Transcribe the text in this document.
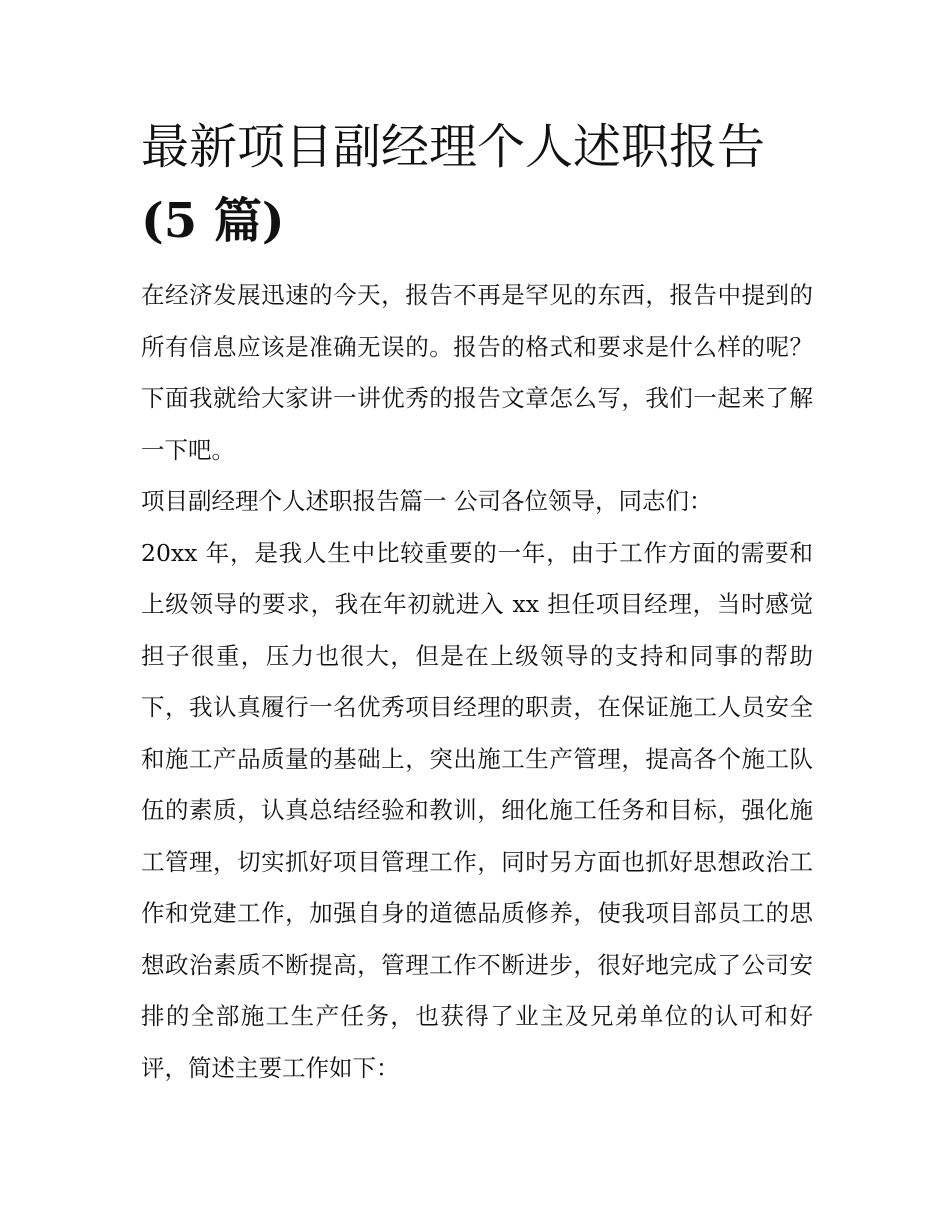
最新项目副经理个人述职报告
(5 篇)

在经济发展迅速的今天，报告不再是罕见的东西，报告中提到的所有信息应该是准确无误的。报告的格式和要求是什么样的呢？下面我就给大家讲一讲优秀的报告文章怎么写，我们一起来了解一下吧。

项目副经理个人述职报告篇一 公司各位领导，同志们：

20xx 年，是我人生中比较重要的一年，由于工作方面的需要和上级领导的要求，我在年初就进入 xx 担任项目经理，当时感觉担子很重，压力也很大，但是在上级领导的支持和同事的帮助下，我认真履行一名优秀项目经理的职责，在保证施工人员安全和施工产品质量的基础上，突出施工生产管理，提高各个施工队伍的素质，认真总结经验和教训，细化施工任务和目标，强化施工管理，切实抓好项目管理工作，同时另方面也抓好思想政治工作和党建工作，加强自身的道德品质修养，使我项目部员工的思想政治素质不断提高，管理工作不断进步，很好地完成了公司安排的全部施工生产任务，也获得了业主及兄弟单位的认可和好评，简述主要工作如下：
